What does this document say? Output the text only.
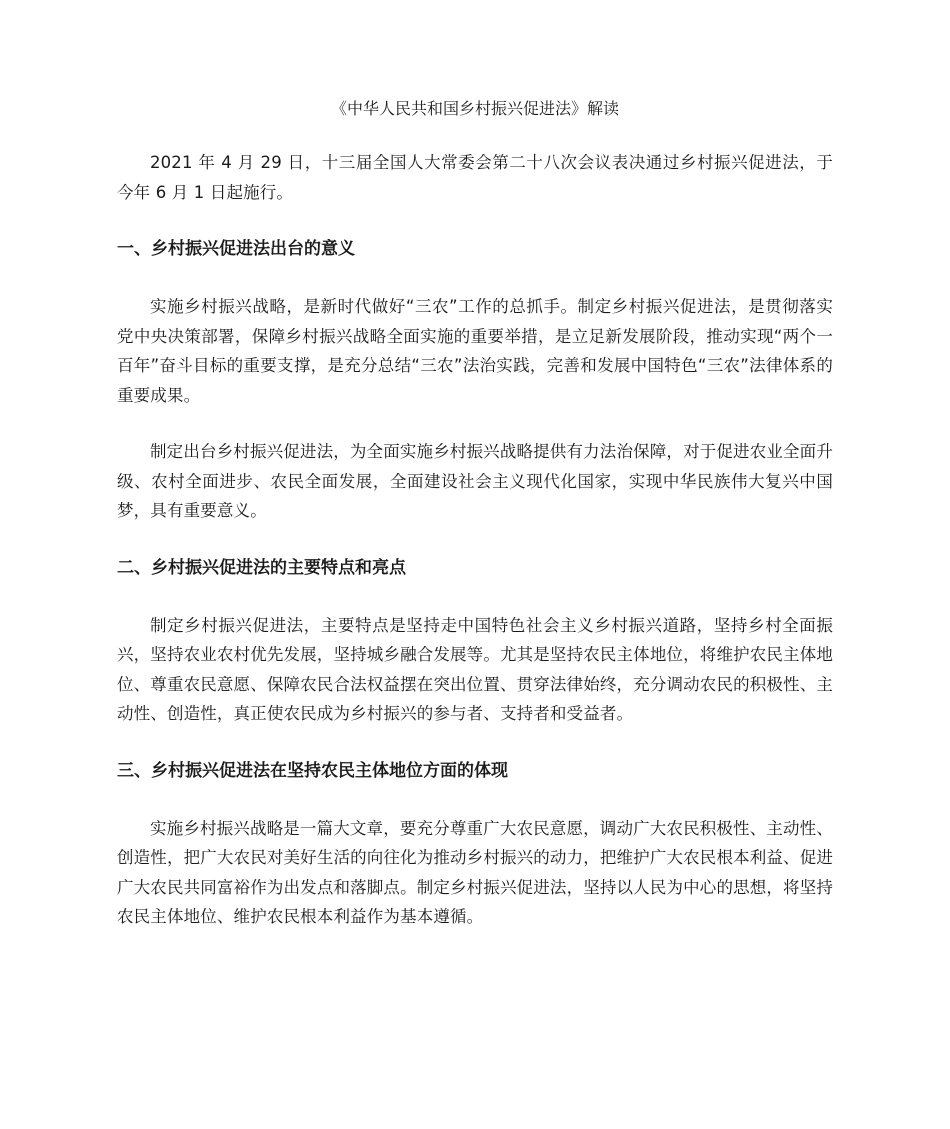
《中华人民共和国乡村振兴促进法》解读

2021 年 4 月 29 日，十三届全国人大常委会第二十八次会议表决通过乡村振兴促进法，于今年 6 月 1 日起施行。

一、乡村振兴促进法出台的意义

实施乡村振兴战略，是新时代做好“三农”工作的总抓手。制定乡村振兴促进法，是贯彻落实党中央决策部署，保障乡村振兴战略全面实施的重要举措，是立足新发展阶段，推动实现“两个一百年”奋斗目标的重要支撑，是充分总结“三农”法治实践，完善和发展中国特色“三农”法律体系的重要成果。

制定出台乡村振兴促进法，为全面实施乡村振兴战略提供有力法治保障，对于促进农业全面升级、农村全面进步、农民全面发展，全面建设社会主义现代化国家，实现中华民族伟大复兴中国梦，具有重要意义。

二、乡村振兴促进法的主要特点和亮点

制定乡村振兴促进法，主要特点是坚持走中国特色社会主义乡村振兴道路，坚持乡村全面振兴，坚持农业农村优先发展，坚持城乡融合发展等。尤其是坚持农民主体地位，将维护农民主体地位、尊重农民意愿、保障农民合法权益摆在突出位置、贯穿法律始终，充分调动农民的积极性、主动性、创造性，真正使农民成为乡村振兴的参与者、支持者和受益者。

三、乡村振兴促进法在坚持农民主体地位方面的体现

实施乡村振兴战略是一篇大文章，要充分尊重广大农民意愿，调动广大农民积极性、主动性、创造性，把广大农民对美好生活的向往化为推动乡村振兴的动力，把维护广大农民根本利益、促进广大农民共同富裕作为出发点和落脚点。制定乡村振兴促进法，坚持以人民为中心的思想，将坚持农民主体地位、维护农民根本利益作为基本遵循。
